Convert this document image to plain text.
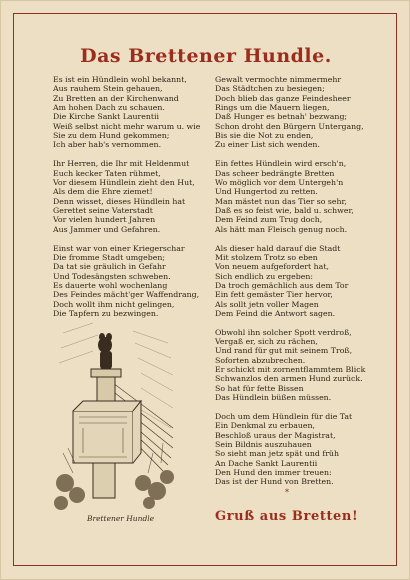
Das Brettener Hundle.
Es ist ein Hündlein wohl bekannt,
Aus rauhem Stein gehauen,
Zu Bretten an der Kirchenwand
Am hohen Dach zu schauen.
Die Kirche Sankt Laurentii
Weiß selbst nicht mehr warum u. wie
Sie zu dem Hund gekommen;
Ich aber hab's vernommen.
Ihr Herren, die Ihr mit Heldenmut
Euch kecker Taten rühmet,
Vor diesem Hündlein zieht den Hut,
Als dem die Ehre ziemet!
Denn wisset, dieses Hündlein hat
Gerettet seine Vaterstadt
Vor vielen hundert Jahren
Aus Jammer und Gefahren.
Einst war von einer Kriegerschar
Die fromme Stadt umgeben;
Da tat sie gräulich in Gefahr
Und Todesängsten schweben.
Es dauerte wohl wochenlang
Des Feindes mächt'ger Waffendrang,
Doch wollt ihm nicht gelingen,
Die Tapfern zu bezwingen.
Gewalt vermochte nimmermehr
Das Städtchen zu besiegen;
Doch blieb das ganze Feindesheer
Rings um die Mauern liegen,
Daß Hunger es betnah' bezwang;
Schon droht den Bürgern Untergang,
Bis sie die Not zu enden,
Zu einer List sich wenden.
Ein fettes Hündlein wird ersch'n,
Das scheer bedrängte Bretten
Wo möglich vor dem Untergeh'n
Und Hungertod zu retten.
Man mästet nun das Tier so sehr,
Daß es so feist wie, bald u. schwer,
Dem Feind zum Trug doch,
Als hätt man Fleisch genug noch.
Als dieser hald darauf die Stadt
Mit stolzem Trotz so eben
Von neuem aufgefordert hat,
Sich endlich zu ergeben:
Da troch gemächlich aus dem Tor
Ein fett gemäster Tier hervor,
Als sollt jetn voller Magen
Dem Feind die Antwort sagen.
Obwohl ihn solcher Spott verdroß,
Vergaß er, sich zu rächen,
Und rand für gut mit seinem Troß,
Soforten abzubrechen.
Er schickt mit zornentflammtem Blick
Schwanzlos den armen Hund zurück.
So hat für fette Bissen
Das Hündlein büßen müssen.
Doch um dem Hündlein für die Tat
Ein Denkmal zu erbauen,
Beschloß uraus der Magistrat,
Sein Bildnis auszuhauen
So sieht man jetz spät und früh
An Dache Sankt Laurentii
Den Hund den immer treuen:
Das ist der Hund von Bretten.
Brettener Hundle
*
Gruß aus Bretten!
